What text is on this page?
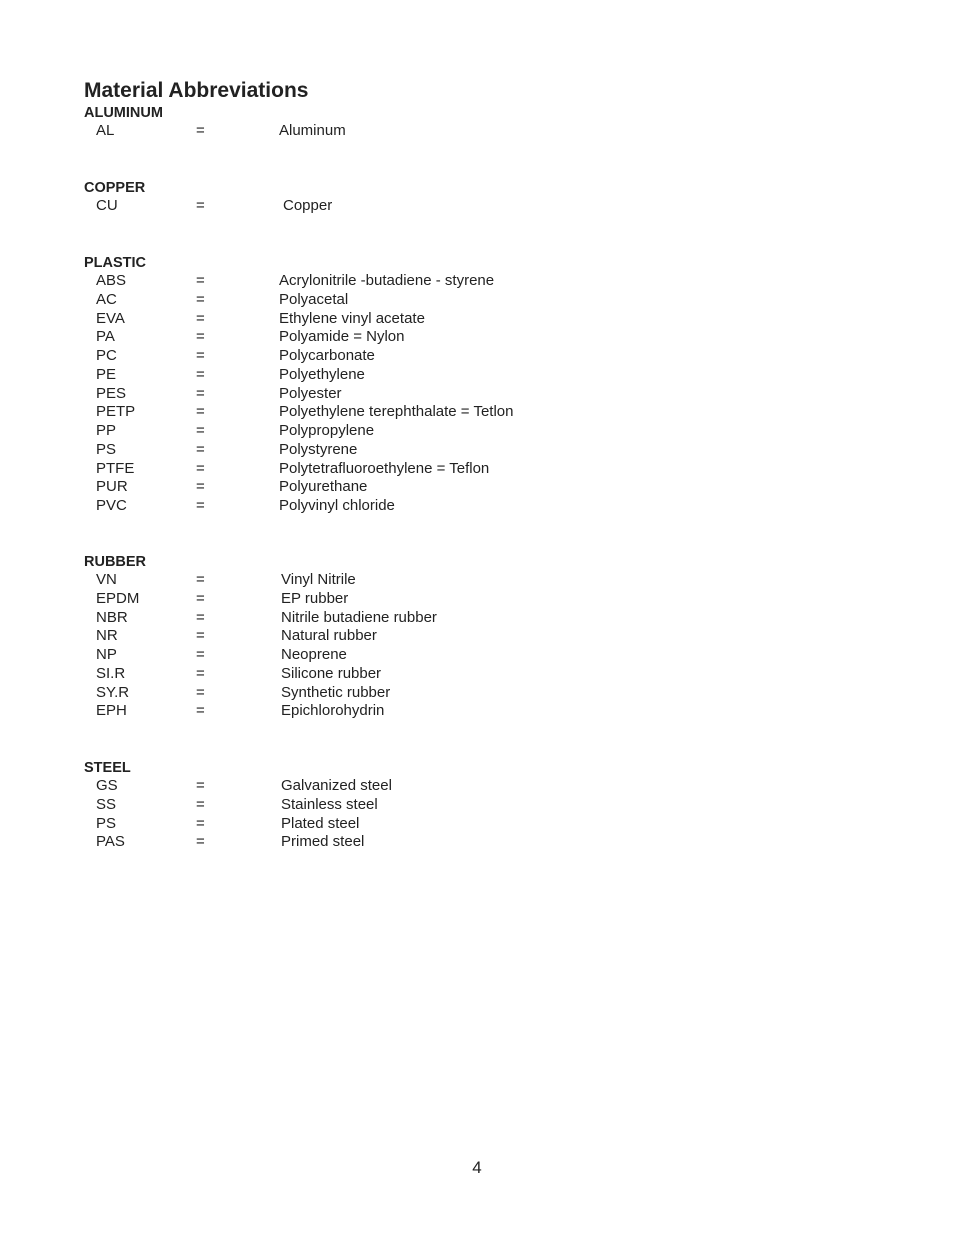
Material Abbreviations
ALUMINUM
AL	=	Aluminum
COPPER
CU	=	Copper
PLASTIC
ABS	=	Acrylonitrile -butadiene - styrene
AC	=	Polyacetal
EVA	=	Ethylene vinyl acetate
PA	=	Polyamide = Nylon
PC	=	Polycarbonate
PE	=	Polyethylene
PES	=	Polyester
PETP	=	Polyethylene terephthalate = Tetlon
PP	=	Polypropylene
PS	=	Polystyrene
PTFE	=	Polytetrafluoroethylene = Teflon
PUR	=	Polyurethane
PVC	=	Polyvinyl chloride
RUBBER
VN	=	Vinyl Nitrile
EPDM	=	EP rubber
NBR	=	Nitrile butadiene rubber
NR	=	Natural rubber
NP	=	Neoprene
SI.R	=	Silicone rubber
SY.R	=	Synthetic rubber
EPH	=	Epichlorohydrin
STEEL
GS	=	Galvanized steel
SS	=	Stainless steel
PS	=	Plated steel
PAS	=	Primed steel
4
